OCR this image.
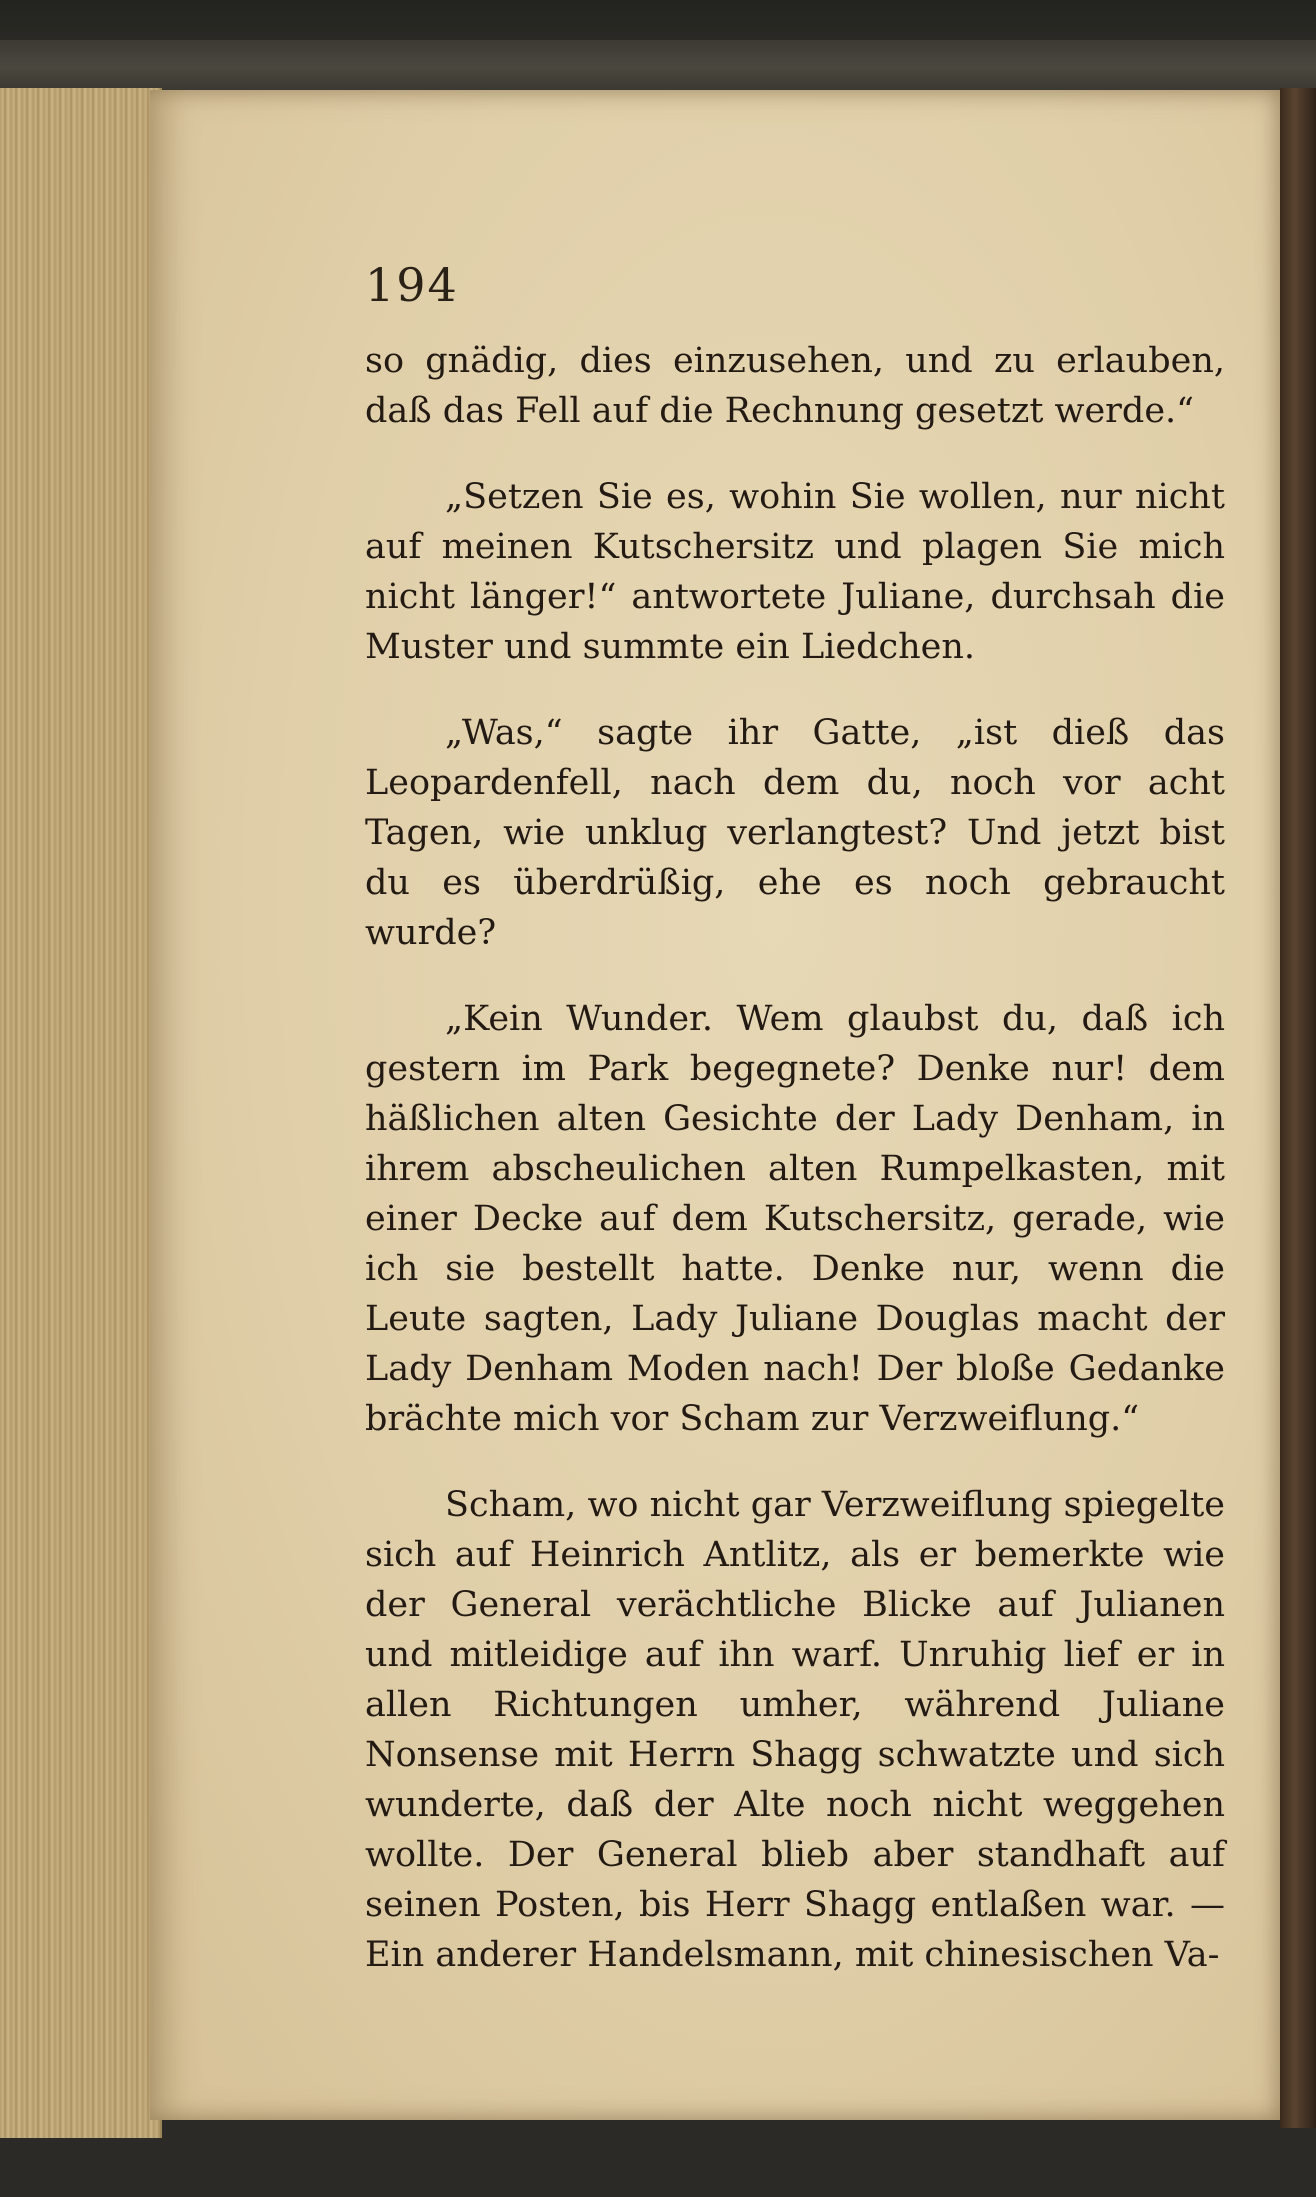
194

so gnädig, dies einzusehen, und zu erlauben, daß das Fell auf die Rechnung gesetzt werde.“

„Setzen Sie es, wohin Sie wollen, nur nicht auf meinen Kutschersitz und plagen Sie mich nicht länger!“ antwortete Juliane, durchsah die Muster und summte ein Liedchen.

„Was,“ sagte ihr Gatte, „ist dieß das Leopardenfell, nach dem du, noch vor acht Tagen, wie unklug verlangtest? Und jetzt bist du es überdrüßig, ehe es noch gebraucht wurde?

„Kein Wunder. Wem glaubst du, daß ich gestern im Park begegnete? Denke nur! dem häßlichen alten Gesichte der Lady Denham, in ihrem abscheulichen alten Rumpelkasten, mit einer Decke auf dem Kutschersitz, gerade, wie ich sie bestellt hatte. Denke nur, wenn die Leute sagten, Lady Juliane Douglas macht der Lady Denham Moden nach! Der bloße Gedanke brächte mich vor Scham zur Verzweiflung.“

Scham, wo nicht gar Verzweiflung spiegelte sich auf Heinrich Antlitz, als er bemerkte wie der General verächtliche Blicke auf Julianen und mitleidige auf ihn warf. Unruhig lief er in allen Richtungen umher, während Juliane Nonsense mit Herrn Shagg schwatzte und sich wunderte, daß der Alte noch nicht weggehen wollte. Der General blieb aber standhaft auf seinen Posten, bis Herr Shagg entlaßen war. — Ein anderer Handelsmann, mit chinesischen Va-
